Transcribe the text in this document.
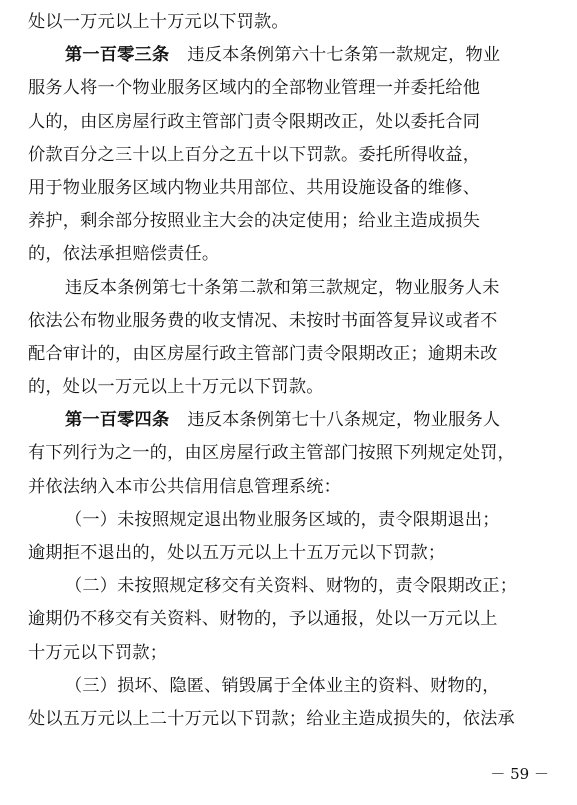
处以一万元以上十万元以下罚款。
第一百零三条 违反本条例第六十七条第一款规定，物业
服务人将一个物业服务区域内的全部物业管理一并委托给他
人的，由区房屋行政主管部门责令限期改正，处以委托合同
价款百分之三十以上百分之五十以下罚款。委托所得收益，
用于物业服务区域内物业共用部位、共用设施设备的维修、
养护，剩余部分按照业主大会的决定使用；给业主造成损失
的，依法承担赔偿责任。
违反本条例第七十条第二款和第三款规定，物业服务人未
依法公布物业服务费的收支情况、未按时书面答复异议或者不
配合审计的，由区房屋行政主管部门责令限期改正；逾期未改
的，处以一万元以上十万元以下罚款。
第一百零四条 违反本条例第七十八条规定，物业服务人
有下列行为之一的，由区房屋行政主管部门按照下列规定处罚，
并依法纳入本市公共信用信息管理系统：
（一）未按照规定退出物业服务区域的，责令限期退出；
逾期拒不退出的，处以五万元以上十五万元以下罚款；
（二）未按照规定移交有关资料、财物的，责令限期改正；
逾期仍不移交有关资料、财物的，予以通报，处以一万元以上
十万元以下罚款；
（三）损坏、隐匿、销毁属于全体业主的资料、财物的，
处以五万元以上二十万元以下罚款；给业主造成损失的，依法承
－ 59 －
